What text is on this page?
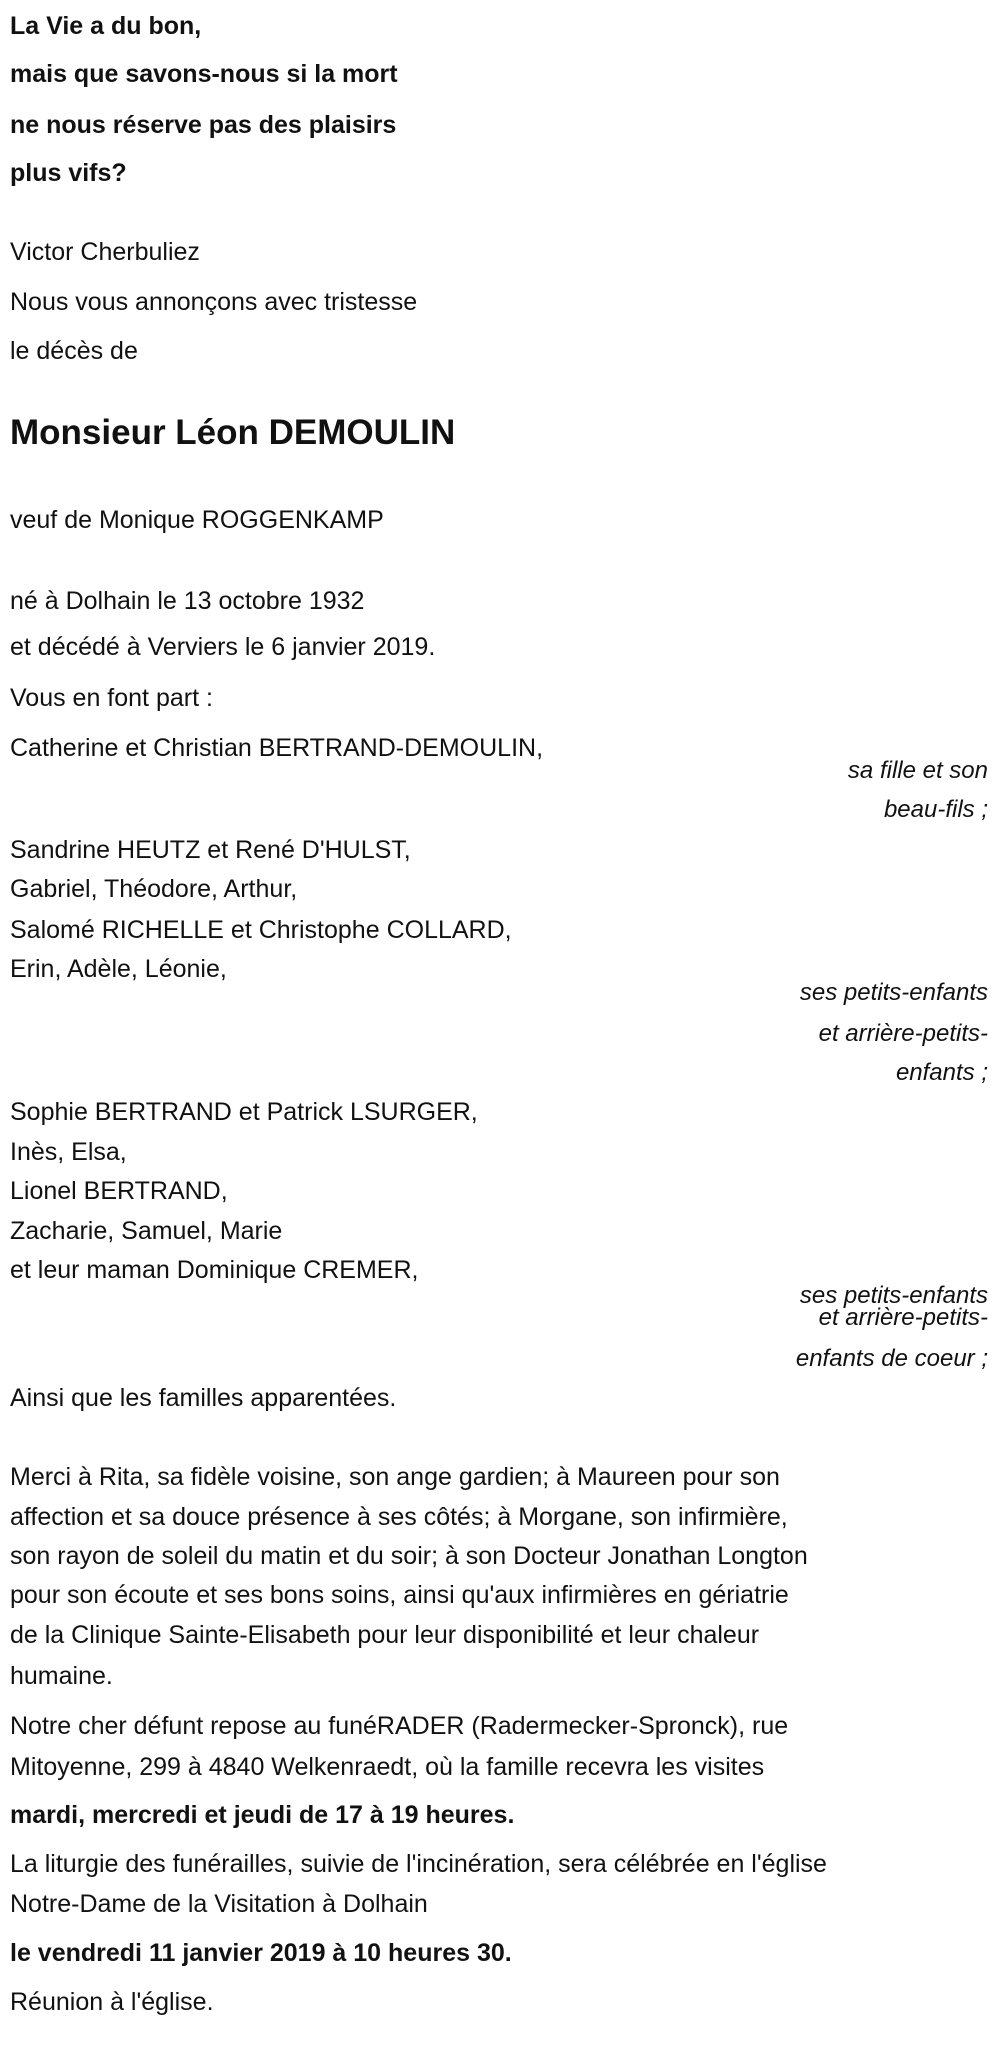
La Vie a du bon,
mais que savons-nous si la mort
ne nous réserve pas des plaisirs
plus vifs?
Victor Cherbuliez
Nous vous annonçons avec tristesse
le décès de
Monsieur Léon DEMOULIN
veuf de Monique ROGGENKAMP
né à Dolhain le 13 octobre 1932
et décédé à Verviers le 6 janvier 2019.
Vous en font part :
Catherine et Christian BERTRAND-DEMOULIN,
sa fille et son
beau-fils ;
Sandrine HEUTZ et René D'HULST,
Gabriel, Théodore, Arthur,
Salomé RICHELLE et Christophe COLLARD,
Erin, Adèle, Léonie,
ses petits-enfants
et arrière-petits-
enfants ;
Sophie BERTRAND et Patrick LSURGER,
Inès, Elsa,
Lionel BERTRAND,
Zacharie, Samuel, Marie
et leur maman Dominique CREMER,
ses petits-enfants
et arrière-petits-
enfants de coeur ;
Ainsi que les familles apparentées.
Merci à Rita, sa fidèle voisine, son ange gardien; à Maureen pour son
affection et sa douce présence à ses côtés; à Morgane, son infirmière,
son rayon de soleil du matin et du soir; à son Docteur Jonathan Longton
pour son écoute et ses bons soins, ainsi qu'aux infirmières en gériatrie
de la Clinique Sainte-Elisabeth pour leur disponibilité et leur chaleur
humaine.
Notre cher défunt repose au funéRADER (Radermecker-Spronck), rue
Mitoyenne, 299 à 4840 Welkenraedt, où la famille recevra les visites
mardi, mercredi et jeudi de 17 à 19 heures.
La liturgie des funérailles, suivie de l'incinération, sera célébrée en l'église
Notre-Dame de la Visitation à Dolhain
le vendredi 11 janvier 2019 à 10 heures 30.
Réunion à l'église.
